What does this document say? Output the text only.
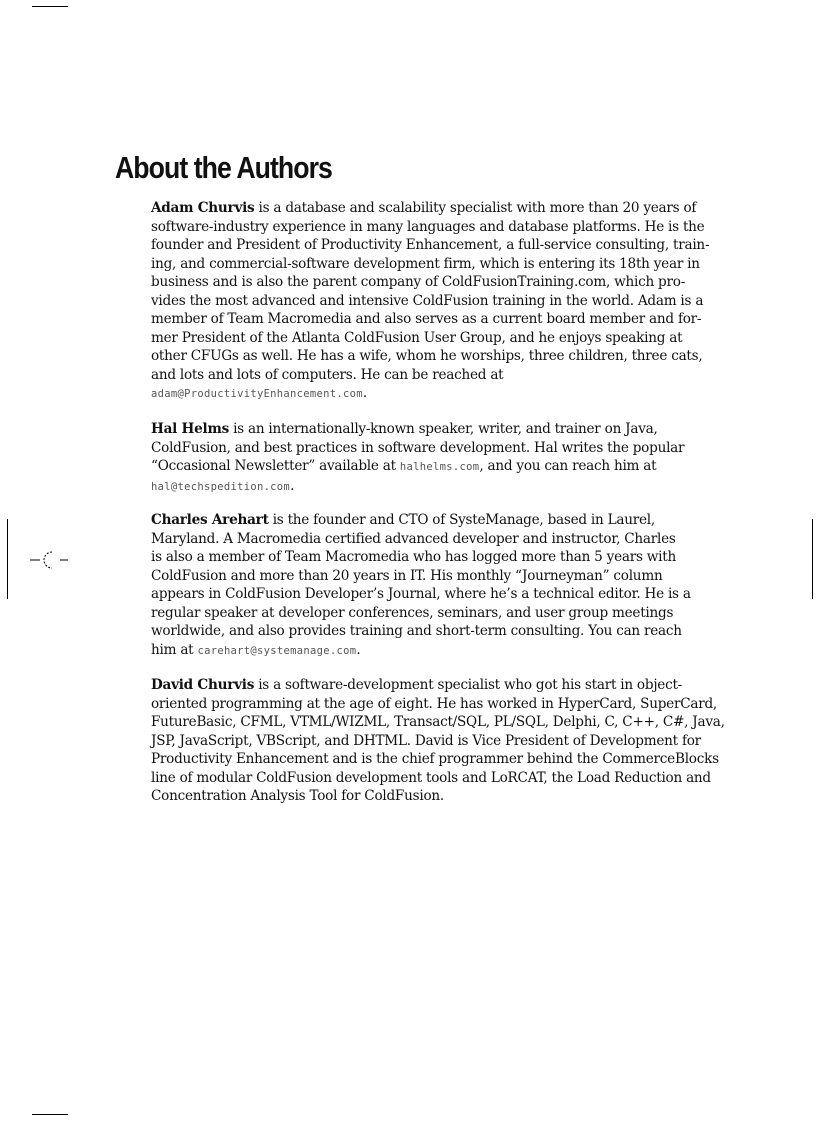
About the Authors

Adam Churvis is a database and scalability specialist with more than 20 years of
software-industry experience in many languages and database platforms. He is the
founder and President of Productivity Enhancement, a full-service consulting, train-
ing, and commercial-software development firm, which is entering its 18th year in
business and is also the parent company of ColdFusionTraining.com, which pro-
vides the most advanced and intensive ColdFusion training in the world. Adam is a
member of Team Macromedia and also serves as a current board member and for-
mer President of the Atlanta ColdFusion User Group, and he enjoys speaking at
other CFUGs as well. He has a wife, whom he worships, three children, three cats,
and lots and lots of computers. He can be reached at
adam@ProductivityEnhancement.com.

Hal Helms is an internationally-known speaker, writer, and trainer on Java,
ColdFusion, and best practices in software development. Hal writes the popular
“Occasional Newsletter” available at halhelms.com, and you can reach him at
hal@techspedition.com.

Charles Arehart is the founder and CTO of SysteManage, based in Laurel,
Maryland. A Macromedia certified advanced developer and instructor, Charles
is also a member of Team Macromedia who has logged more than 5 years with
ColdFusion and more than 20 years in IT. His monthly “Journeyman” column
appears in ColdFusion Developer’s Journal, where he’s a technical editor. He is a
regular speaker at developer conferences, seminars, and user group meetings
worldwide, and also provides training and short-term consulting. You can reach
him at carehart@systemanage.com.

David Churvis is a software-development specialist who got his start in object-
oriented programming at the age of eight. He has worked in HyperCard, SuperCard,
FutureBasic, CFML, VTML/WIZML, Transact/SQL, PL/SQL, Delphi, C, C++, C#, Java,
JSP, JavaScript, VBScript, and DHTML. David is Vice President of Development for
Productivity Enhancement and is the chief programmer behind the CommerceBlocks
line of modular ColdFusion development tools and LoRCAT, the Load Reduction and
Concentration Analysis Tool for ColdFusion.
